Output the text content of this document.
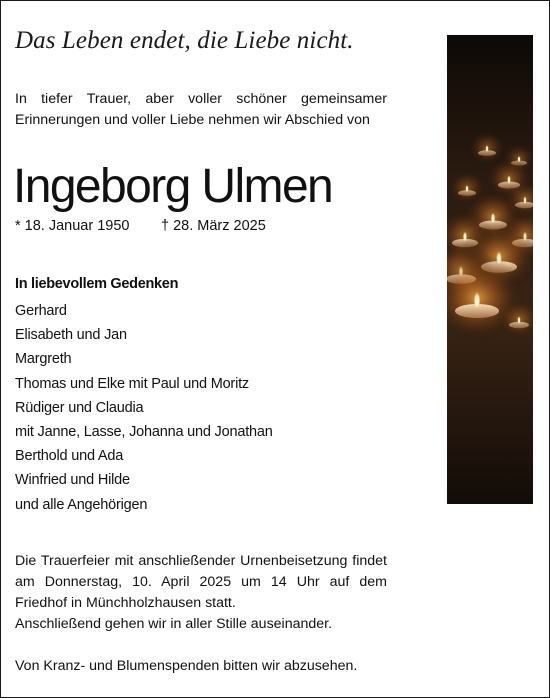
Das Leben endet, die Liebe nicht.
In tiefer Trauer, aber voller schöner gemeinsamer Erinnerungen und voller Liebe nehmen wir Abschied von
Ingeborg Ulmen
* 18. Januar 1950 † 28. März 2025
In liebevollem Gedenken
Gerhard
Elisabeth und Jan
Margreth
Thomas und Elke mit Paul und Moritz
Rüdiger und Claudia
mit Janne, Lasse, Johanna und Jonathan
Berthold und Ada
Winfried und Hilde
und alle Angehörigen
Die Trauerfeier mit anschließender Urnenbeisetzung findet am Donnerstag, 10. April 2025 um 14 Uhr auf dem Friedhof in Münchholzhausen statt.
Anschließend gehen wir in aller Stille auseinander.
Von Kranz- und Blumenspenden bitten wir abzusehen.
